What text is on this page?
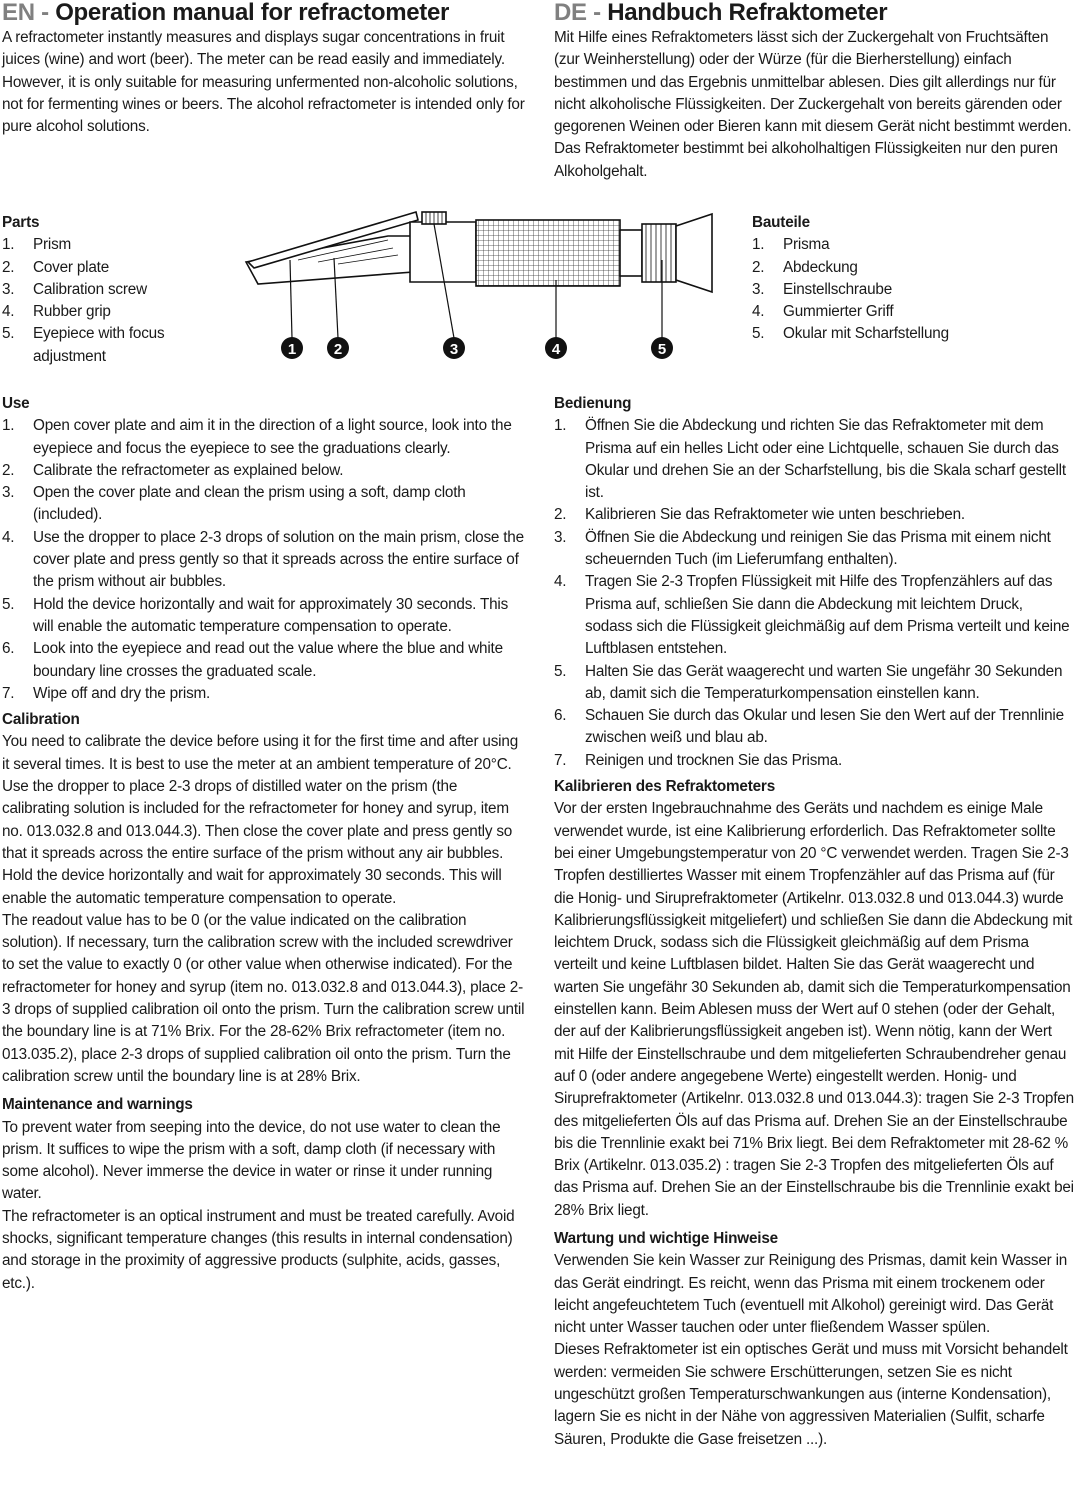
EN - Operation manual for refractometer

A refractometer instantly measures and displays sugar concentrations in fruit juices (wine) and wort (beer). The meter can be read easily and immediately. However, it is only suitable for measuring unfermented non-alcoholic solutions, not for fermenting wines or beers. The alcohol refractometer is intended only for pure alcohol solutions.

DE - Handbuch Refraktometer

Mit Hilfe eines Refraktometers lässt sich der Zuckergehalt von Fruchtsäften (zur Weinherstellung) oder der Würze (für die Bierherstellung) einfach bestimmen und das Ergebnis unmittelbar ablesen. Dies gilt allerdings nur für nicht alkoholische Flüssigkeiten. Der Zuckergehalt von bereits gärenden oder gegorenen Weinen oder Bieren kann mit diesem Gerät nicht bestimmt werden. Das Refraktometer bestimmt bei alkoholhaltigen Flüssigkeiten nur den puren Alkoholgehalt.

Parts
1. Prism
2. Cover plate
3. Calibration screw
4. Rubber grip
5. Eyepiece with focus adjustment	1	2	3	4	5
Bauteile
1. Prisma
2. Abdeckung
3. Einstellschraube
4. Gummierter Griff
5. Okular mit Scharfstellung
Use
1. Open cover plate and aim it in the direction of a light source, look into the eyepiece and focus the eyepiece to see the graduations clearly.
2. Calibrate the refractometer as explained below.
3. Open the cover plate and clean the prism using a soft, damp cloth (included).
4. Use the dropper to place 2-3 drops of solution on the main prism, close the cover plate and press gently so that it spreads across the entire surface of the prism without air bubbles.
5. Hold the device horizontally and wait for approximately 30 seconds. This will enable the automatic temperature compensation to operate.
6. Look into the eyepiece and read out the value where the blue and white boundary line crosses the graduated scale.
7. Wipe off and dry the prism.
Calibration

You need to calibrate the device before using it for the first time and after using it several times. It is best to use the meter at an ambient temperature of 20°C. Use the dropper to place 2-3 drops of distilled water on the prism (the calibrating solution is included for the refractometer for honey and syrup, item no. 013.032.8 and 013.044.3). Then close the cover plate and press gently so that it spreads across the entire surface of the prism without any air bubbles. Hold the device horizontally and wait for approximately 30 seconds. This will enable the automatic temperature compensation to operate.

The readout value has to be 0 (or the value indicated on the calibration solution). If necessary, turn the calibration screw with the included screwdriver to set the value to exactly 0 (or other value when otherwise indicated). For the refractometer for honey and syrup (item no. 013.032.8 and 013.044.3), place 2-3 drops of supplied calibration oil onto the prism. Turn the calibration screw until the boundary line is at 71% Brix. For the 28-62% Brix refractometer (item no. 013.035.2), place 2-3 drops of supplied calibration oil onto the prism. Turn the calibration screw until the boundary line is at 28% Brix.

Maintenance and warnings

To prevent water from seeping into the device, do not use water to clean the prism. It suffices to wipe the prism with a soft, damp cloth (if necessary with some alcohol). Never immerse the device in water or rinse it under running water.

The refractometer is an optical instrument and must be treated carefully. Avoid shocks, significant temperature changes (this results in internal condensation) and storage in the proximity of aggressive products (sulphite, acids, gasses, etc.).

Bedienung
1. Öffnen Sie die Abdeckung und richten Sie das Refraktometer mit dem Prisma auf ein helles Licht oder eine Lichtquelle, schauen Sie durch das Okular und drehen Sie an der Scharfstellung, bis die Skala scharf gestellt ist.
2. Kalibrieren Sie das Refraktometer wie unten beschrieben.
3. Öffnen Sie die Abdeckung und reinigen Sie das Prisma mit einem nicht scheuernden Tuch (im Lieferumfang enthalten).
4. Tragen Sie 2-3 Tropfen Flüssigkeit mit Hilfe des Tropfenzählers auf das Prisma auf, schließen Sie dann die Abdeckung mit leichtem Druck, sodass sich die Flüssigkeit gleichmäßig auf dem Prisma verteilt und keine Luftblasen entstehen.
5. Halten Sie das Gerät waagerecht und warten Sie ungefähr 30 Sekunden ab, damit sich die Temperaturkompensation einstellen kann.
6. Schauen Sie durch das Okular und lesen Sie den Wert auf der Trennlinie zwischen weiß und blau ab.
7. Reinigen und trocknen Sie das Prisma.
Kalibrieren des Refraktometers

Vor der ersten Ingebrauchnahme des Geräts und nachdem es einige Male verwendet wurde, ist eine Kalibrierung erforderlich. Das Refraktometer sollte bei einer Umgebungstemperatur von 20 °C verwendet werden. Tragen Sie 2-3 Tropfen destilliertes Wasser mit einem Tropfenzähler auf das Prisma auf (für die Honig- und Siruprefraktometer (Artikelnr. 013.032.8 und 013.044.3) wurde Kalibrierungsflüssigkeit mitgeliefert) und schließen Sie dann die Abdeckung mit leichtem Druck, sodass sich die Flüssigkeit gleichmäßig auf dem Prisma verteilt und keine Luftblasen bildet. Halten Sie das Gerät waagerecht und warten Sie ungefähr 30 Sekunden ab, damit sich die Temperaturkompensation einstellen kann. Beim Ablesen muss der Wert auf 0 stehen (oder der Gehalt, der auf der Kalibrierungsflüssigkeit angeben ist). Wenn nötig, kann der Wert mit Hilfe der Einstellschraube und dem mitgelieferten Schraubendreher genau auf 0 (oder andere angegebene Werte) eingestellt werden. Honig- und Siruprefraktometer (Artikelnr. 013.032.8 und 013.044.3): tragen Sie 2-3 Tropfen des mitgelieferten Öls auf das Prisma auf. Drehen Sie an der Einstellschraube bis die Trennlinie exakt bei 71% Brix liegt. Bei dem Refraktometer mit 28-62 % Brix (Artikelnr. 013.035.2) : tragen Sie 2-3 Tropfen des mitgelieferten Öls auf das Prisma auf. Drehen Sie an der Einstellschraube bis die Trennlinie exakt bei 28% Brix liegt.

Wartung und wichtige Hinweise

Verwenden Sie kein Wasser zur Reinigung des Prismas, damit kein Wasser in das Gerät eindringt. Es reicht, wenn das Prisma mit einem trockenem oder leicht angefeuchtetem Tuch (eventuell mit Alkohol) gereinigt wird. Das Gerät nicht unter Wasser tauchen oder unter fließendem Wasser spülen.

Dieses Refraktometer ist ein optisches Gerät und muss mit Vorsicht behandelt werden: vermeiden Sie schwere Erschütterungen, setzen Sie es nicht ungeschützt großen Temperaturschwankungen aus (interne Kondensation), lagern Sie es nicht in der Nähe von aggressiven Materialien (Sulfit, scharfe Säuren, Produkte die Gase freisetzen ...).
